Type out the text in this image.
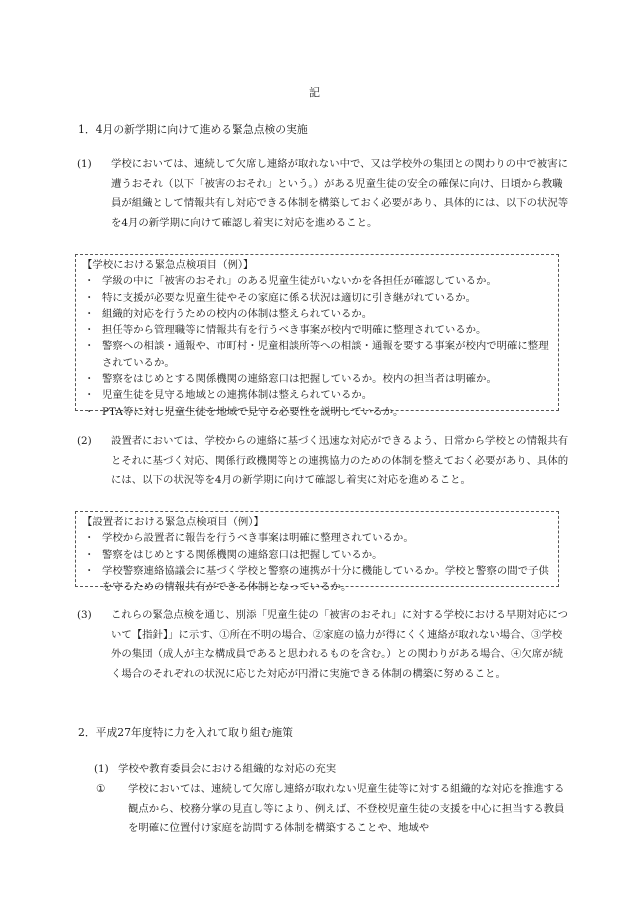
記
1．4月の新学期に向けて進める緊急点検の実施

(1) 学校においては、連続して欠席し連絡が取れない中で、又は学校外の集団との関わりの中で被害に遭うおそれ（以下「被害のおそれ」という。）がある児童生徒の安全の確保に向け、日頃から教職員が組織として情報共有し対応できる体制を構築しておく必要があり、具体的には、以下の状況等を4月の新学期に向けて確認し着実に対応を進めること。

【学校における緊急点検項目（例）】

・ 学級の中に「被害のおそれ」のある児童生徒がいないかを各担任が確認しているか。
・ 特に支援が必要な児童生徒やその家庭に係る状況は適切に引き継がれているか。
・ 組織的対応を行うための校内の体制は整えられているか。
・ 担任等から管理職等に情報共有を行うべき事案が校内で明確に整理されているか。
・ 警察への相談・通報や、市町村・児童相談所等への相談・通報を要する事案が校内で明確に整理されているか。
・ 警察をはじめとする関係機関の連絡窓口は把握しているか。校内の担当者は明確か。
・ 児童生徒を見守る地域との連携体制は整えられているか。
・ PTA等に対し児童生徒を地域で見守る必要性を説明しているか。

(2) 設置者においては、学校からの連絡に基づく迅速な対応ができるよう、日常から学校との情報共有とそれに基づく対応、関係行政機関等との連携協力のための体制を整えておく必要があり、具体的には、以下の状況等を4月の新学期に向けて確認し着実に対応を進めること。

【設置者における緊急点検項目（例）】

・ 学校から設置者に報告を行うべき事案は明確に整理されているか。
・ 警察をはじめとする関係機関の連絡窓口は把握しているか。
・ 学校警察連絡協議会に基づく学校と警察の連携が十分に機能しているか。学校と警察の間で子供を守るための情報共有ができる体制となっているか。

(3) これらの緊急点検を通じ、別添「児童生徒の「被害のおそれ」に対する学校における早期対応について【指針】」に示す、①所在不明の場合、②家庭の協力が得にくく連絡が取れない場合、③学校外の集団（成人が主な構成員であると思われるものを含む。）との関わりがある場合、④欠席が続く場合のそれぞれの状況に応じた対応が円滑に実施できる体制の構築に努めること。

2．平成27年度特に力を入れて取り組む施策

(1) 学校や教育委員会における組織的な対応の充実

① 学校においては、連続して欠席し連絡が取れない児童生徒等に対する組織的な対応を推進する観点から、校務分掌の見直し等により、例えば、不登校児童生徒の支援を中心に担当する教員を明確に位置付け家庭を訪問する体制を構築することや、地域や
